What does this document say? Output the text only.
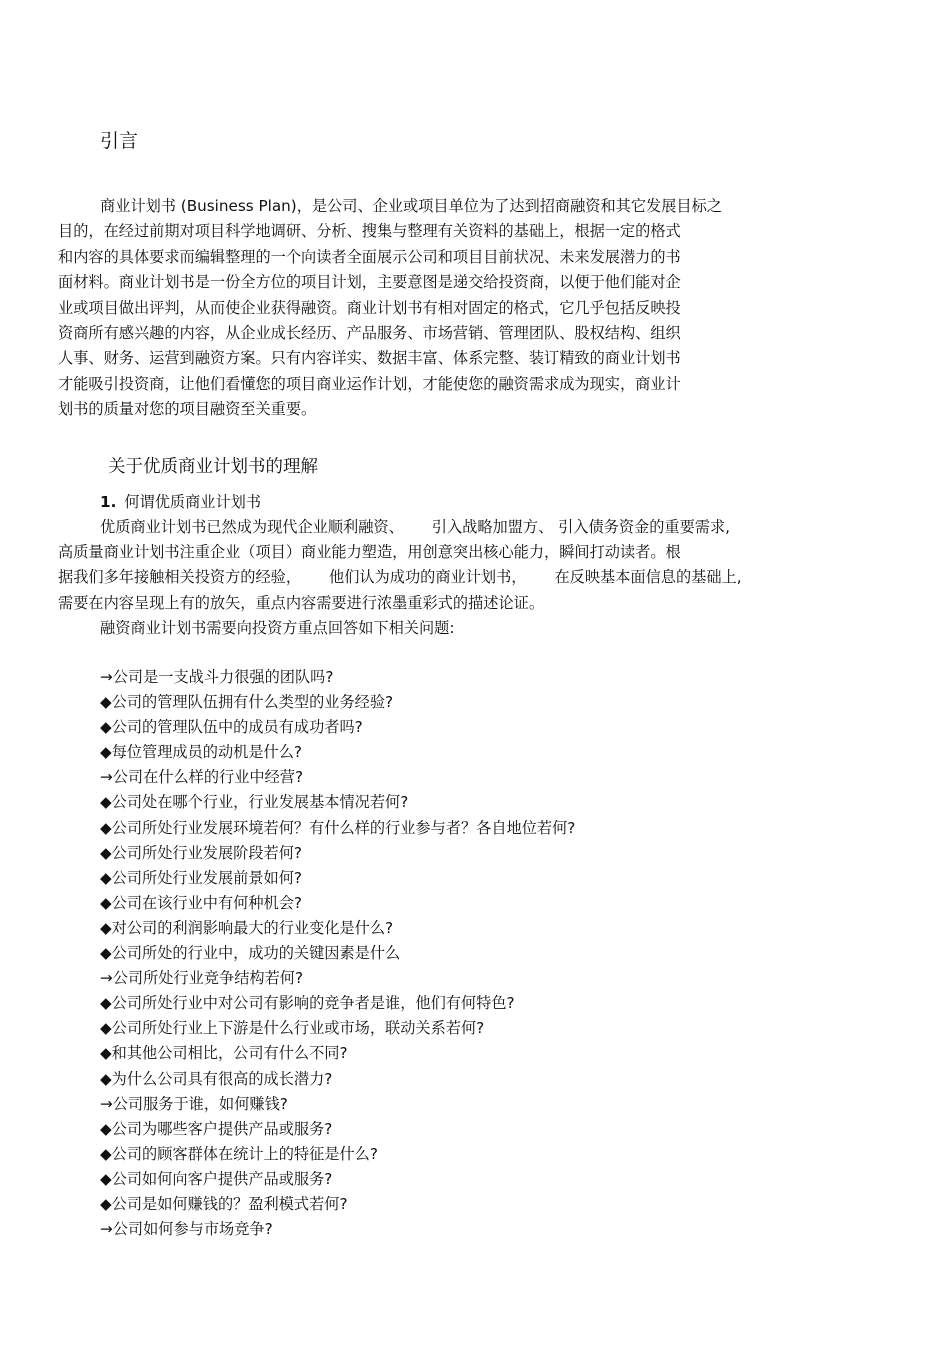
引言
商业计划书 (Business Plan)，是公司、企业或项目单位为了达到招商融资和其它发展目标之
目的，在经过前期对项目科学地调研、分析、搜集与整理有关资料的基础上，根据一定的格式
和内容的具体要求而编辑整理的一个向读者全面展示公司和项目目前状况、未来发展潜力的书
面材料。商业计划书是一份全方位的项目计划，主要意图是递交给投资商，以便于他们能对企
业或项目做出评判，从而使企业获得融资。商业计划书有相对固定的格式，它几乎包括反映投
资商所有感兴趣的内容，从企业成长经历、产品服务、市场营销、管理团队、股权结构、组织
人事、财务、运营到融资方案。只有内容详实、数据丰富、体系完整、装订精致的商业计划书
才能吸引投资商，让他们看懂您的项目商业运作计划，才能使您的融资需求成为现实，商业计
划书的质量对您的项目融资至关重要。
关于优质商业计划书的理解
1. 何谓优质商业计划书
优质商业计划书已然成为现代企业顺利融资、 引入战略加盟方、 引入债务资金的重要需求,
高质量商业计划书注重企业（项目）商业能力塑造，用创意突出核心能力，瞬间打动读者。根
据我们多年接触相关投资方的经验， 他们认为成功的商业计划书， 在反映基本面信息的基础上,
需要在内容呈现上有的放矢，重点内容需要进行浓墨重彩式的描述论证。
融资商业计划书需要向投资方重点回答如下相关问题:
→公司是一支战斗力很强的团队吗?
◆公司的管理队伍拥有什么类型的业务经验?
◆公司的管理队伍中的成员有成功者吗?
◆每位管理成员的动机是什么?
→公司在什么样的行业中经营?
◆公司处在哪个行业，行业发展基本情况若何?
◆公司所处行业发展环境若何？有什么样的行业参与者？各自地位若何?
◆公司所处行业发展阶段若何?
◆公司所处行业发展前景如何?
◆公司在该行业中有何种机会?
◆对公司的利润影响最大的行业变化是什么?
◆公司所处的行业中，成功的关键因素是什么
→公司所处行业竞争结构若何?
◆公司所处行业中对公司有影响的竞争者是谁，他们有何特色?
◆公司所处行业上下游是什么行业或市场，联动关系若何?
◆和其他公司相比，公司有什么不同?
◆为什么公司具有很高的成长潜力?
→公司服务于谁，如何赚钱?
◆公司为哪些客户提供产品或服务?
◆公司的顾客群体在统计上的特征是什么?
◆公司如何向客户提供产品或服务?
◆公司是如何赚钱的？盈利模式若何?
→公司如何参与市场竞争?
